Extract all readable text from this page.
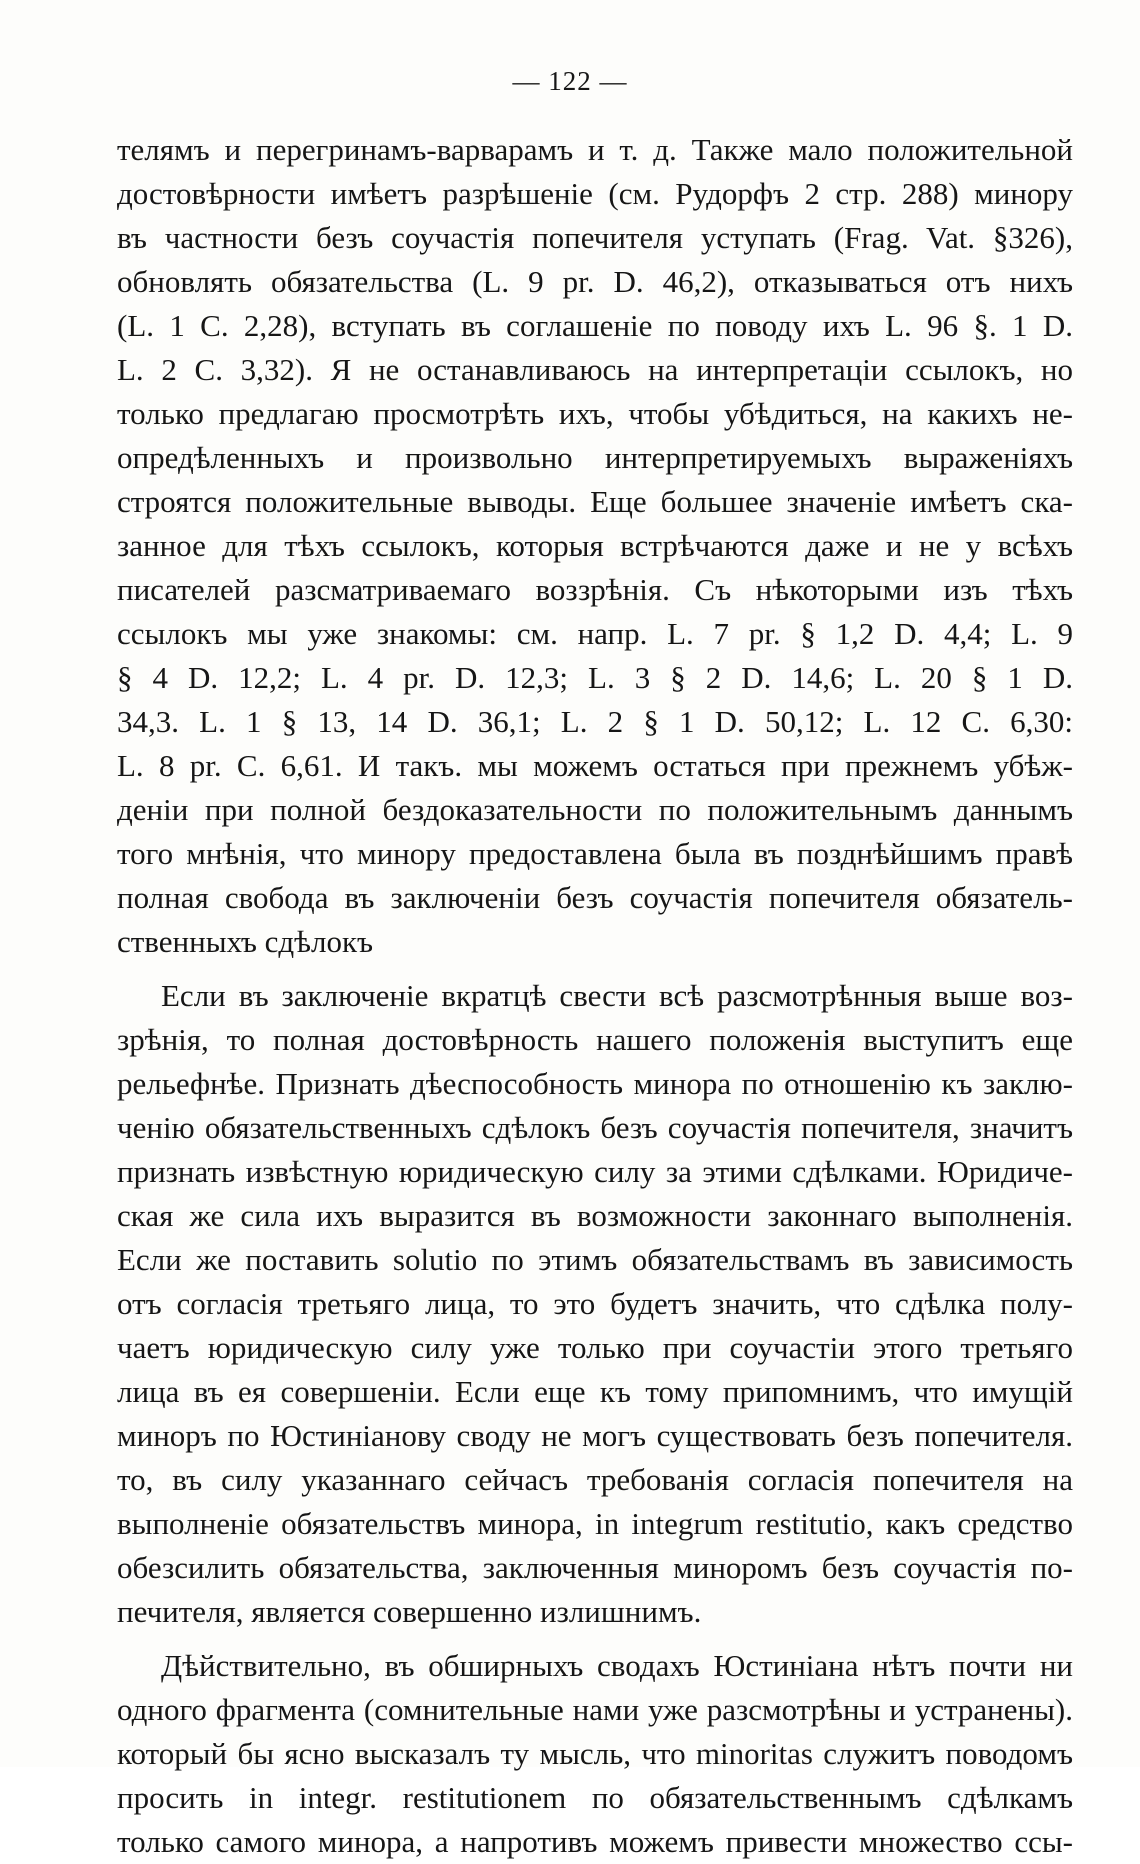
— 122 —
телямъ и перегринамъ-варварамъ и т. д. Также мало положительной
достовѣрности имѣетъ разрѣшеніе (см. Рудорфъ 2 стр. 288) минору
въ частности безъ соучастія попечителя уступать (Frag. Vat. §326),
обновлять обязательства (L. 9 pr. D. 46,2), отказываться отъ нихъ
(L. 1 C. 2,28), вступать въ соглашеніе по поводу ихъ L. 96 §. 1 D.
L. 2 C. 3,32). Я не останавливаюсь на интерпретаціи ссылокъ, но
только предлагаю просмотрѣть ихъ, чтобы убѣдиться, на какихъ не-
опредѣленныхъ и произвольно интерпретируемыхъ выраженіяхъ
строятся положительные выводы. Еще большее значеніе имѣетъ ска-
занное для тѣхъ ссылокъ, которыя встрѣчаются даже и не у всѣхъ
писателей разсматриваемаго воззрѣнія. Съ нѣкоторыми изъ тѣхъ
ссылокъ мы уже знакомы: см. напр. L. 7 pr. § 1,2 D. 4,4; L. 9
§ 4 D. 12,2; L. 4 pr. D. 12,3; L. 3 § 2 D. 14,6; L. 20 § 1 D.
34,3. L. 1 § 13, 14 D. 36,1; L. 2 § 1 D. 50,12; L. 12 C. 6,30:
L. 8 pr. C. 6,61. И такъ. мы можемъ остаться при прежнемъ убѣж-
деніи при полной бездоказательности по положительнымъ даннымъ
того мнѣнія, что минору предоставлена была въ позднѣйшимъ правѣ
полная свобода въ заключеніи безъ соучастія попечителя обязатель-
ственныхъ сдѣлокъ
Если въ заключеніе вкратцѣ свести всѣ разсмотрѣнныя выше воз-
зрѣнія, то полная достовѣрность нашего положенія выступитъ еще
рельефнѣе. Признать дѣеспособность минора по отношенію къ заклю-
ченію обязательственныхъ сдѣлокъ безъ соучастія попечителя, значитъ
признать извѣстную юридическую силу за этими сдѣлками. Юридиче-
ская же сила ихъ выразится въ возможности законнаго выполненія.
Если же поставить solutio по этимъ обязательствамъ въ зависимость
отъ согласія третьяго лица, то это будетъ значить, что сдѣлка полу-
чаетъ юридическую силу уже только при соучастіи этого третьяго
лица въ ея совершеніи. Если еще къ тому припомнимъ, что имущій
миноръ по Юстиніанову своду не могъ существовать безъ попечителя.
то, въ силу указаннаго сейчасъ требованія согласія попечителя на
выполненіе обязательствъ минора, in integrum restitutio, какъ средство
обезсилить обязательства, заключенныя миноромъ безъ соучастія по-
печителя, является совершенно излишнимъ.
Дѣйствительно, въ обширныхъ сводахъ Юстиніана нѣтъ почти ни
одного фрагмента (сомнительные нами уже разсмотрѣны и устранены).
который бы ясно высказалъ ту мысль, что minoritas служитъ поводомъ
просить in integr. restitutionem по обязательственнымъ сдѣлкамъ
только самого минора, а напротивъ можемъ привести множество ссы-
